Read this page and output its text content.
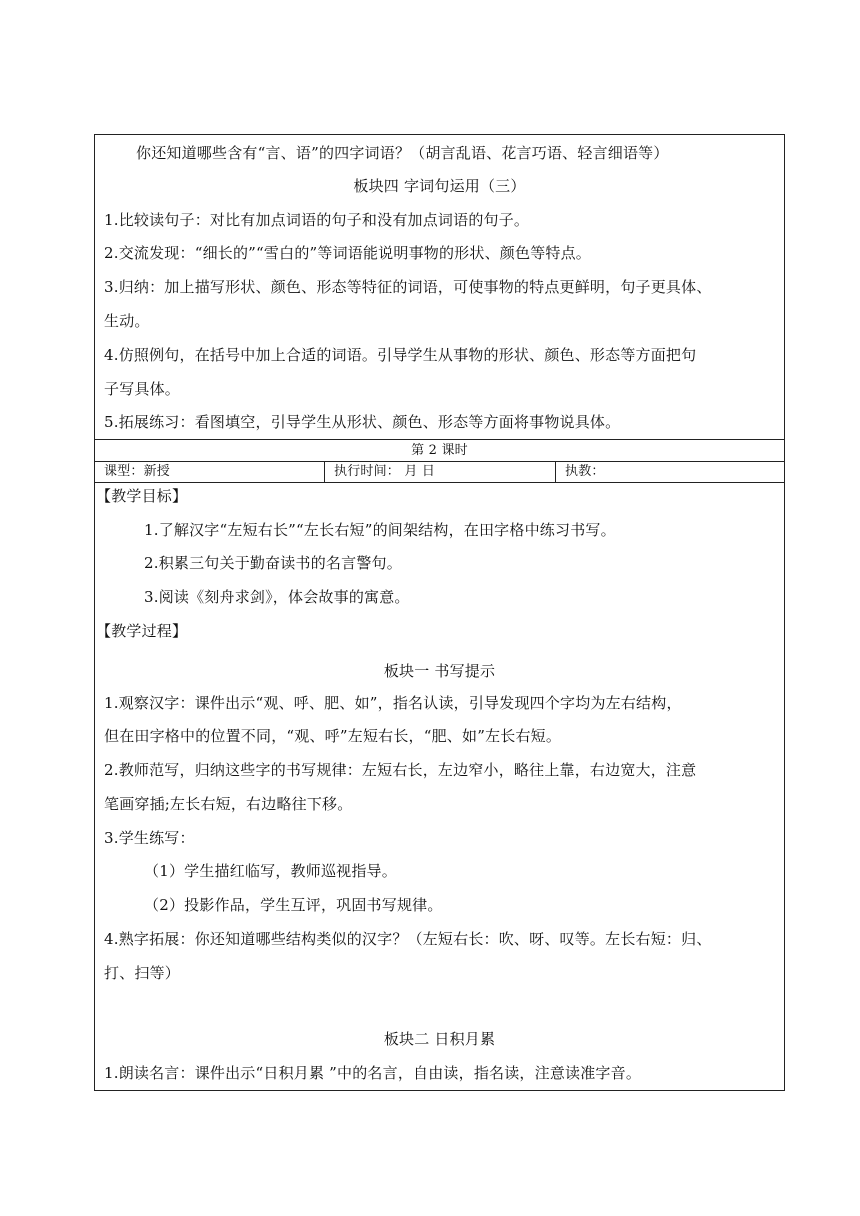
你还知道哪些含有“言、语”的四字词语？（胡言乱语、花言巧语、轻言细语等）
板块四 字词句运用（三）
1.比较读句子：对比有加点词语的句子和没有加点词语的句子。
2.交流发现：“细长的”“雪白的”等词语能说明事物的形状、颜色等特点。
3.归纳：加上描写形状、颜色、形态等特征的词语，可使事物的特点更鲜明，句子更具体、
生动。
4.仿照例句，在括号中加上合适的词语。引导学生从事物的形状、颜色、形态等方面把句
子写具体。
5.拓展练习：看图填空，引导学生从形状、颜色、形态等方面将事物说具体。
第 2 课时
课型：新授	执行时间： 月 日	执教：
【教学目标】
1.了解汉字“左短右长”“左长右短”的间架结构，在田字格中练习书写。
2.积累三句关于勤奋读书的名言警句。
3.阅读《刻舟求剑》，体会故事的寓意。
【教学过程】
板块一 书写提示
1.观察汉字：课件出示“观、呼、肥、如”，指名认读，引导发现四个字均为左右结构，
但在田字格中的位置不同，“观、呼”左短右长，“肥、如”左长右短。
2.教师范写，归纳这些字的书写规律：左短右长，左边窄小，略往上靠，右边宽大，注意
笔画穿插;左长右短，右边略往下移。
3.学生练写：
（1）学生描红临写，教师巡视指导。
（2）投影作品，学生互评，巩固书写规律。
4.熟字拓展：你还知道哪些结构类似的汉字？（左短右长：吹、呀、叹等。左长右短：归、
打、扫等）
板块二 日积月累
1.朗读名言：课件出示“日积月累 ”中的名言，自由读，指名读，注意读准字音。
